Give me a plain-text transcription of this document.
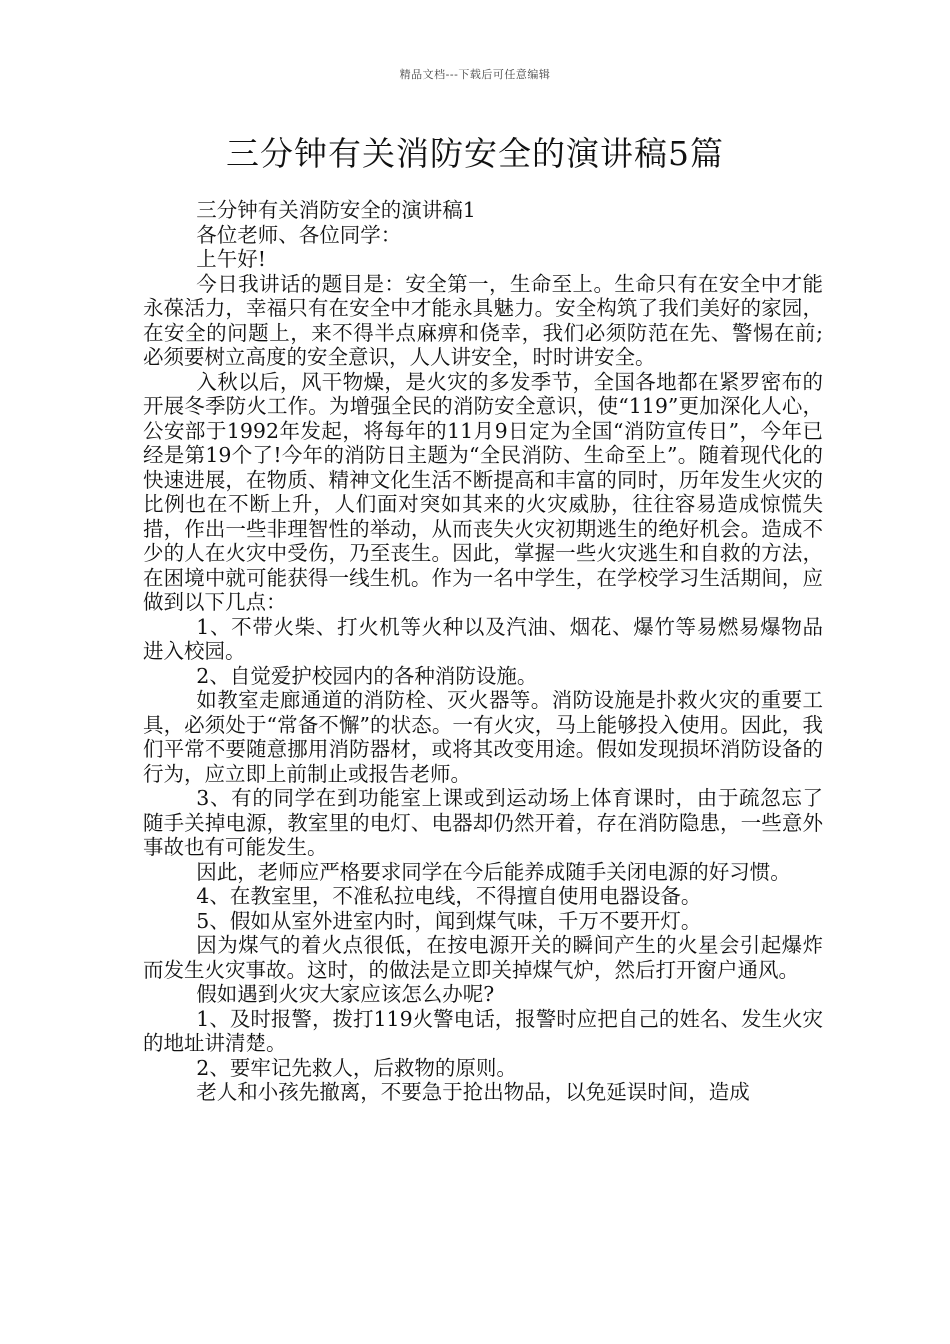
精品文档---下载后可任意编辑
三分钟有关消防安全的演讲稿5篇

三分钟有关消防安全的演讲稿1

各位老师、各位同学：

上午好!

今日我讲话的题目是：安全第一，生命至上。生命只有在安全中才能永葆活力，幸福只有在安全中才能永具魅力。安全构筑了我们美好的家园，在安全的问题上，来不得半点麻痹和侥幸，我们必须防范在先、警惕在前;必须要树立高度的安全意识，人人讲安全，时时讲安全。

入秋以后，风干物燥，是火灾的多发季节，全国各地都在紧罗密布的开展冬季防火工作。为增强全民的消防安全意识，使“119”更加深化人心，公安部于1992年发起，将每年的11月9日定为全国“消防宣传日”，今年已经是第19个了!今年的消防日主题为“全民消防、生命至上”。随着现代化的快速进展，在物质、精神文化生活不断提高和丰富的同时，历年发生火灾的比例也在不断上升，人们面对突如其来的火灾威胁，往往容易造成惊慌失措，作出一些非理智性的举动，从而丧失火灾初期逃生的绝好机会。造成不少的人在火灾中受伤，乃至丧生。因此，掌握一些火灾逃生和自救的方法，在困境中就可能获得一线生机。作为一名中学生，在学校学习生活期间，应做到以下几点：

1、不带火柴、打火机等火种以及汽油、烟花、爆竹等易燃易爆物品进入校园。

2、自觉爱护校园内的各种消防设施。

如教室走廊通道的消防栓、灭火器等。消防设施是扑救火灾的重要工具，必须处于“常备不懈”的状态。一有火灾，马上能够投入使用。因此，我们平常不要随意挪用消防器材，或将其改变用途。假如发现损坏消防设备的行为，应立即上前制止或报告老师。

3、有的同学在到功能室上课或到运动场上体育课时，由于疏忽忘了随手关掉电源，教室里的电灯、电器却仍然开着，存在消防隐患，一些意外事故也有可能发生。

因此，老师应严格要求同学在今后能养成随手关闭电源的好习惯。

4、在教室里，不准私拉电线，不得擅自使用电器设备。

5、假如从室外进室内时，闻到煤气味，千万不要开灯。

因为煤气的着火点很低，在按电源开关的瞬间产生的火星会引起爆炸而发生火灾事故。这时，的做法是立即关掉煤气炉，然后打开窗户通风。

假如遇到火灾大家应该怎么办呢?

1、及时报警，拨打119火警电话，报警时应把自己的姓名、发生火灾的地址讲清楚。

2、要牢记先救人，后救物的原则。

老人和小孩先撤离，不要急于抢出物品，以免延误时间，造成
